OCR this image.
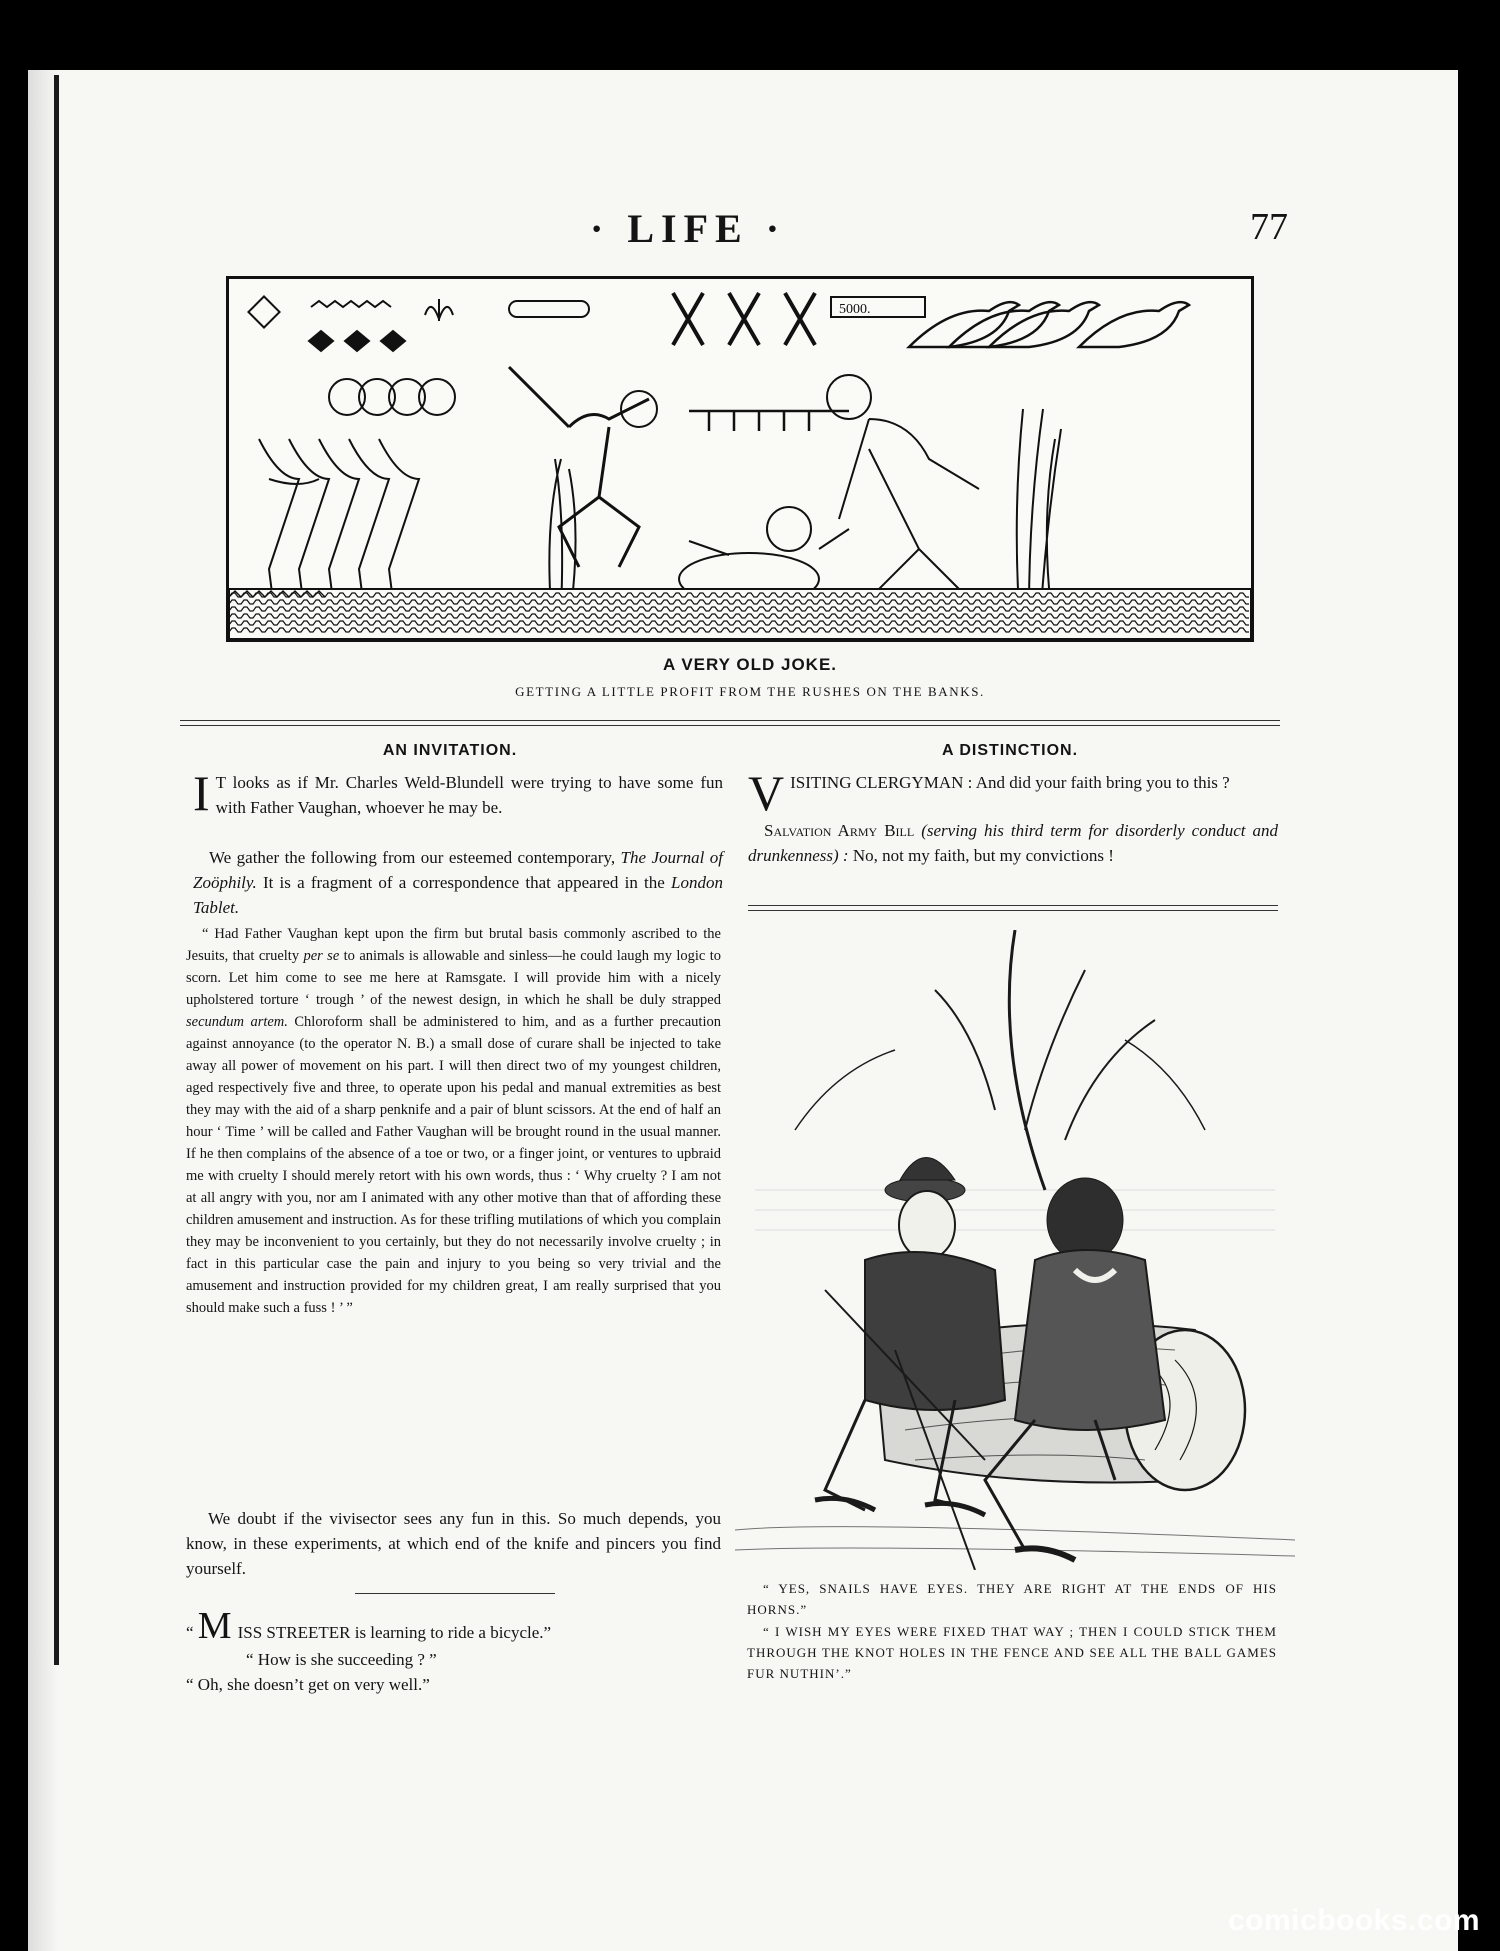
· LIFE ·	77
5000.
A VERY OLD JOKE.
GETTING A LITTLE PROFIT FROM THE RUSHES ON THE BANKS.
AN INVITATION.
I T looks as if Mr. Charles Weld-Blundell were trying to have some fun with Father Vaughan, whoever he may be.
We gather the following from our esteemed contemporary, The Journal of Zoöphily. It is a fragment of a correspondence that appeared in the London Tablet.
“ Had Father Vaughan kept upon the firm but brutal basis commonly ascribed to the Jesuits, that cruelty per se to animals is allowable and sinless—he could laugh my logic to scorn. Let him come to see me here at Ramsgate. I will provide him with a nicely upholstered torture ‘ trough ’ of the newest design, in which he shall be duly strapped secundum artem. Chloroform shall be administered to him, and as a further precaution against annoyance (to the operator N. B.) a small dose of curare shall be injected to take away all power of movement on his part. I will then direct two of my youngest children, aged respectively five and three, to operate upon his pedal and manual extremities as best they may with the aid of a sharp penknife and a pair of blunt scissors. At the end of half an hour ‘ Time ’ will be called and Father Vaughan will be brought round in the usual manner. If he then complains of the absence of a toe or two, or a finger joint, or ventures to upbraid me with cruelty I should merely retort with his own words, thus : ‘ Why cruelty ? I am not at all angry with you, nor am I animated with any other motive than that of affording these children amusement and instruction. As for these trifling mutilations of which you complain they may be inconvenient to you certainly, but they do not necessarily involve cruelty ; in fact in this particular case the pain and injury to you being so very trivial and the amusement and instruction provided for my children great, I am really surprised that you should make such a fuss ! ’ ”
We doubt if the vivisector sees any fun in this. So much depends, you know, in these experiments, at which end of the knife and pincers you find yourself.
“ M ISS STREETER is learning to ride a bicycle.”
“ How is she succeeding ? ”
“ Oh, she doesn’t get on very well.”
A DISTINCTION.
VISITING CLERGYMAN : And did your faith bring you to this ?
Salvation Army Bill (serving his third term for disorderly conduct and drunkenness) : No, not my faith, but my convictions !
“ YES, SNAILS HAVE EYES. THEY ARE RIGHT AT THE ENDS OF HIS HORNS.”
“ I WISH MY EYES WERE FIXED THAT WAY ; THEN I COULD STICK THEM THROUGH THE KNOT HOLES IN THE FENCE AND SEE ALL THE BALL GAMES FUR NUTHIN’.”
comicbooks.com
